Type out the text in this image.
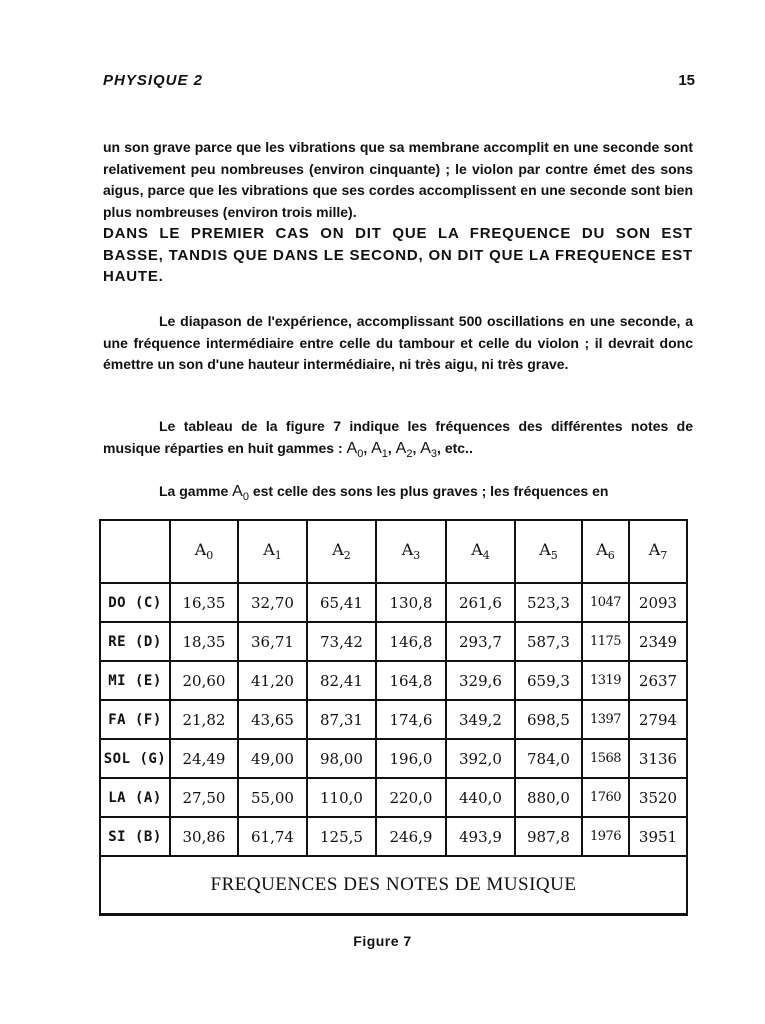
PHYSIQUE 2	15

un son grave parce que les vibrations que sa membrane accomplit en une seconde sont relativement peu nombreuses (environ cinquante) ; le violon par contre émet des sons aigus, parce que les vibrations que ses cordes accomplissent en une seconde sont bien plus nombreuses (environ trois mille).

DANS LE PREMIER CAS ON DIT QUE LA FREQUENCE DU SON EST BASSE, TANDIS QUE DANS LE SECOND, ON DIT QUE LA FREQUENCE EST HAUTE.

Le diapason de l'expérience, accomplissant 500 oscillations en une seconde, a une fréquence intermédiaire entre celle du tambour et celle du violon ; il devrait donc émettre un son d'une hauteur intermédiaire, ni très aigu, ni très grave.
Le tableau de la figure 7 indique les fréquences des différentes notes de musique réparties en huit gammes : $A_0$, $A_1$, $A_2$, $A_3$, etc..
La gamme $A_0$ est celle des sons les plus graves ; les fréquences en
	$A_0$	$A_1$	$A_2$	$A_3$	$A_4$	$A_5$	$A_6$	$A_7$
DO (C)	16,35	32,70	65,41	130,8	261,6	523,3	1047	2093
RE (D)	18,35	36,71	73,42	146,8	293,7	587,3	1175	2349
MI (E)	20,60	41,20	82,41	164,8	329,6	659,3	1319	2637
FA (F)	21,82	43,65	87,31	174,6	349,2	698,5	1397	2794
SOL (G)	24,49	49,00	98,00	196,0	392,0	784,0	1568	3136
LA (A)	27,50	55,00	110,0	220,0	440,0	880,0	1760	3520
SI (B)	30,86	61,74	125,5	246,9	493,9	987,8	1976	3951
FREQUENCES DES NOTES DE MUSIQUE								
Figure 7
